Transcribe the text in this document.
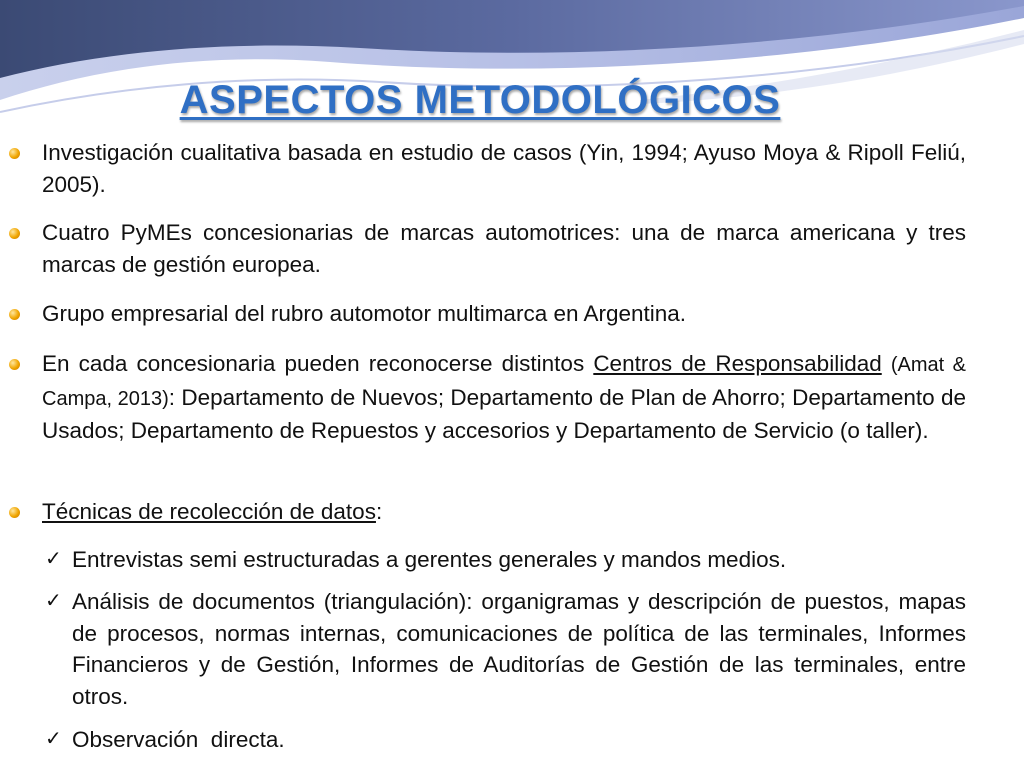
ASPECTOS METODOLÓGICOS
Investigación cualitativa basada en estudio de casos (Yin, 1994; Ayuso Moya & Ripoll Feliú, 2005).
Cuatro PyMEs concesionarias de marcas automotrices: una de marca americana y tres marcas de gestión europea.
Grupo empresarial del rubro automotor multimarca en Argentina.
En cada concesionaria pueden reconocerse distintos Centros de Responsabilidad (Amat & Campa, 2013): Departamento de Nuevos; Departamento de Plan de Ahorro; Departamento de Usados; Departamento de Repuestos y accesorios y Departamento de Servicio (o taller).
Técnicas de recolección de datos:
✓ Entrevistas semi estructuradas a gerentes generales y mandos medios.
✓ Análisis de documentos (triangulación): organigramas y descripción de puestos, mapas de procesos, normas internas, comunicaciones de política de las terminales, Informes Financieros y de Gestión, Informes de Auditorías de Gestión de las terminales, entre otros.
✓ Observación  directa.
